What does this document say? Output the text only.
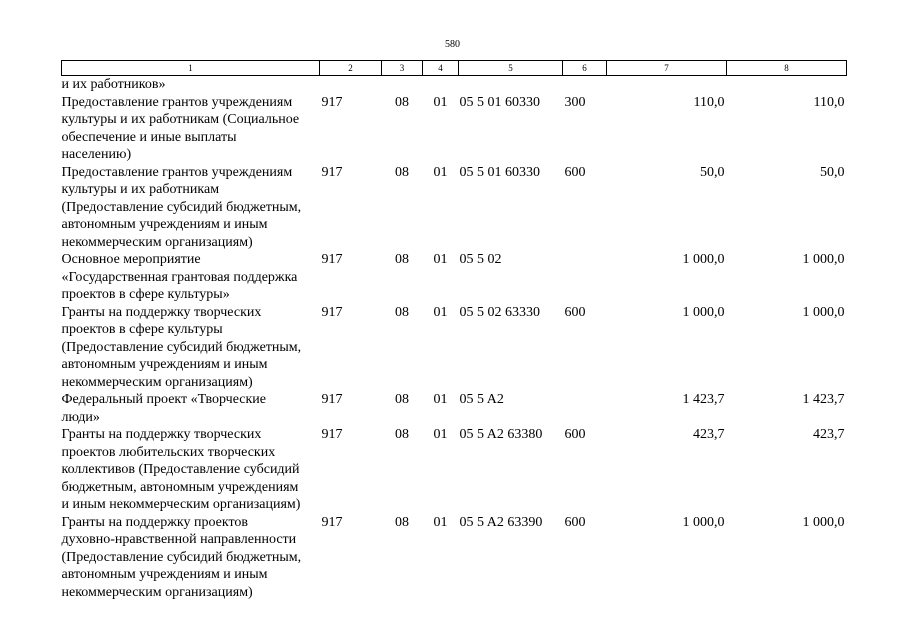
580
1	2	3	4	5	6	7	8
и их работников»							

Предоставление грантов учреждениям
культуры и их работникам (Социальное
обеспечение и иные выплаты
населению)	917	08	01	05 5 01 60330	300	110,0	110,0

Предоставление грантов учреждениям
культуры и их работникам
(Предоставление субсидий бюджетным,
автономным учреждениям и иным
некоммерческим организациям)	917	08	01	05 5 01 60330	600	50,0	50,0

Основное мероприятие
«Государственная грантовая поддержка
проектов в сфере культуры»	917	08	01	05 5 02		1 000,0	1 000,0

Гранты на поддержку творческих
проектов в сфере культуры
(Предоставление субсидий бюджетным,
автономным учреждениям и иным
некоммерческим организациям)	917	08	01	05 5 02 63330	600	1 000,0	1 000,0

Федеральный проект «Творческие
люди»	917	08	01	05 5 A2		1 423,7	1 423,7

Гранты на поддержку творческих
проектов любительских творческих
коллективов (Предоставление субсидий
бюджетным, автономным учреждениям
и иным некоммерческим организациям)	917	08	01	05 5 A2 63380	600	423,7	423,7

Гранты на поддержку проектов
духовно-нравственной направленности
(Предоставление субсидий бюджетным,
автономным учреждениям и иным
некоммерческим организациям)	917	08	01	05 5 A2 63390	600	1 000,0	1 000,0
